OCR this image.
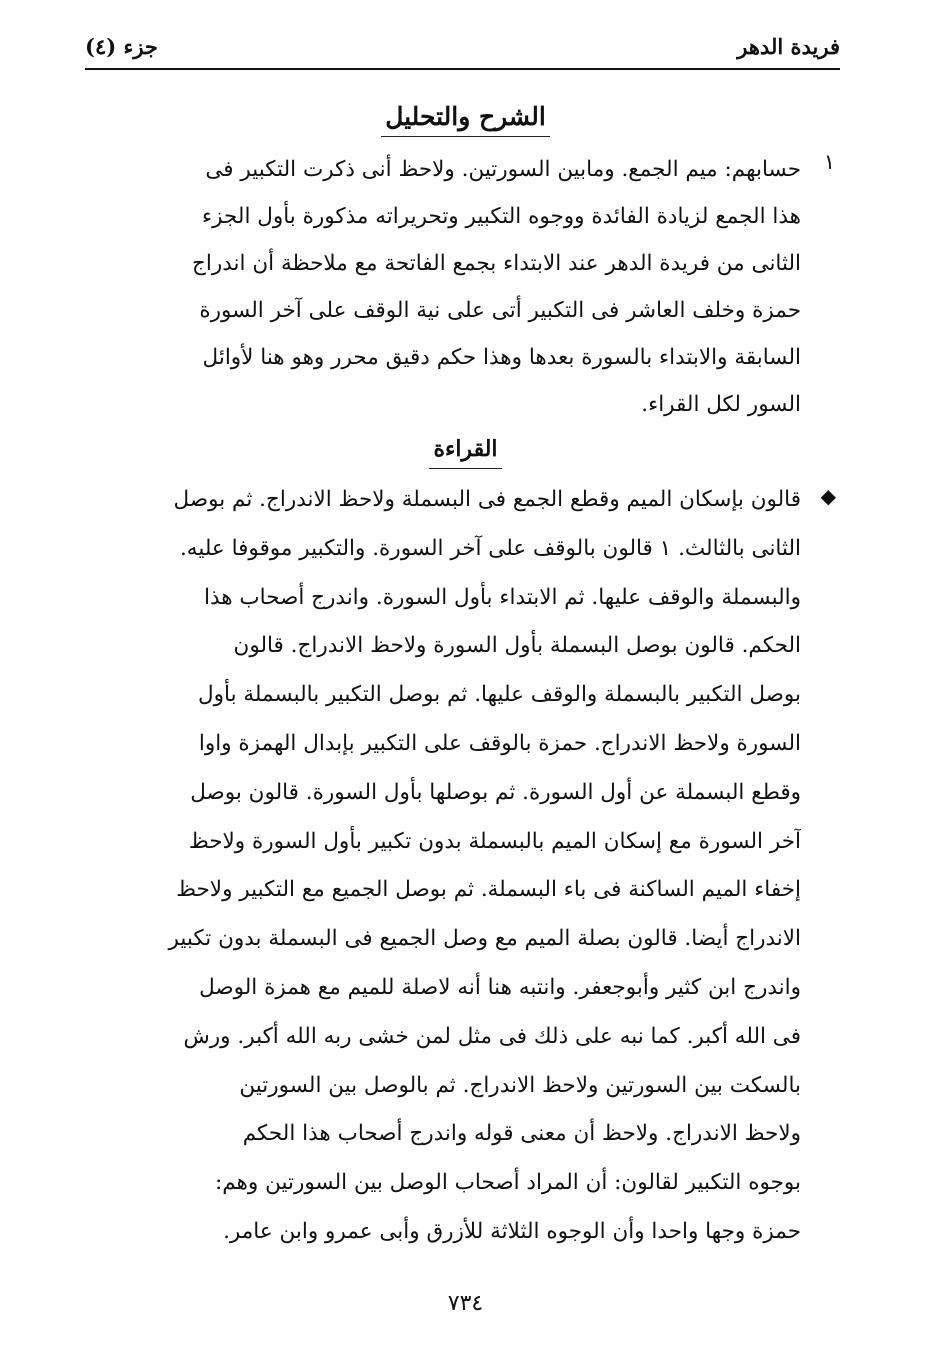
فريدة الدهر
جزء (٤)
الشرح والتحليل
١
حسابهم: ميم الجمع. ومابين السورتين. ولاحظ أنى ذكرت التكبير فى
هذا الجمع لزيادة الفائدة ووجوه التكبير وتحريراته مذكورة بأول الجزء
الثانى من فريدة الدهر عند الابتداء بجمع الفاتحة مع ملاحظة أن اندراج
حمزة وخلف العاشر فى التكبير أتى على نية الوقف على آخر السورة
السابقة والابتداء بالسورة بعدها وهذا حكم دقيق محرر وهو هنا لأوائل
السور لكل القراء.
القراءة
◆
قالون بإسكان الميم وقطع الجمع فى البسملة ولاحظ الاندراج. ثم بوصل
الثانى بالثالث. ١ قالون بالوقف على آخر السورة. والتكبير موقوفا عليه.
والبسملة والوقف عليها. ثم الابتداء بأول السورة. واندرج أصحاب هذا
الحكم. قالون بوصل البسملة بأول السورة ولاحظ الاندراج. قالون
بوصل التكبير بالبسملة والوقف عليها. ثم بوصل التكبير بالبسملة بأول
السورة ولاحظ الاندراج. حمزة بالوقف على التكبير بإبدال الهمزة واوا
وقطع البسملة عن أول السورة. ثم بوصلها بأول السورة. قالون بوصل
آخر السورة مع إسكان الميم بالبسملة بدون تكبير بأول السورة ولاحظ
إخفاء الميم الساكنة فى باء البسملة. ثم بوصل الجميع مع التكبير ولاحظ
الاندراج أيضا. قالون بصلة الميم مع وصل الجميع فى البسملة بدون تكبير
واندرج ابن كثير وأبوجعفر. وانتبه هنا أنه لاصلة للميم مع همزة الوصل
فى الله أكبر. كما نبه على ذلك فى مثل لمن خشى ربه الله أكبر. ورش
بالسكت بين السورتين ولاحظ الاندراج. ثم بالوصل بين السورتين
ولاحظ الاندراج. ولاحظ أن معنى قوله واندرج أصحاب هذا الحكم
بوجوه التكبير لقالون: أن المراد أصحاب الوصل بين السورتين وهم:
حمزة وجها واحدا وأن الوجوه الثلاثة للأزرق وأبى عمرو وابن عامر.
٧٣٤
